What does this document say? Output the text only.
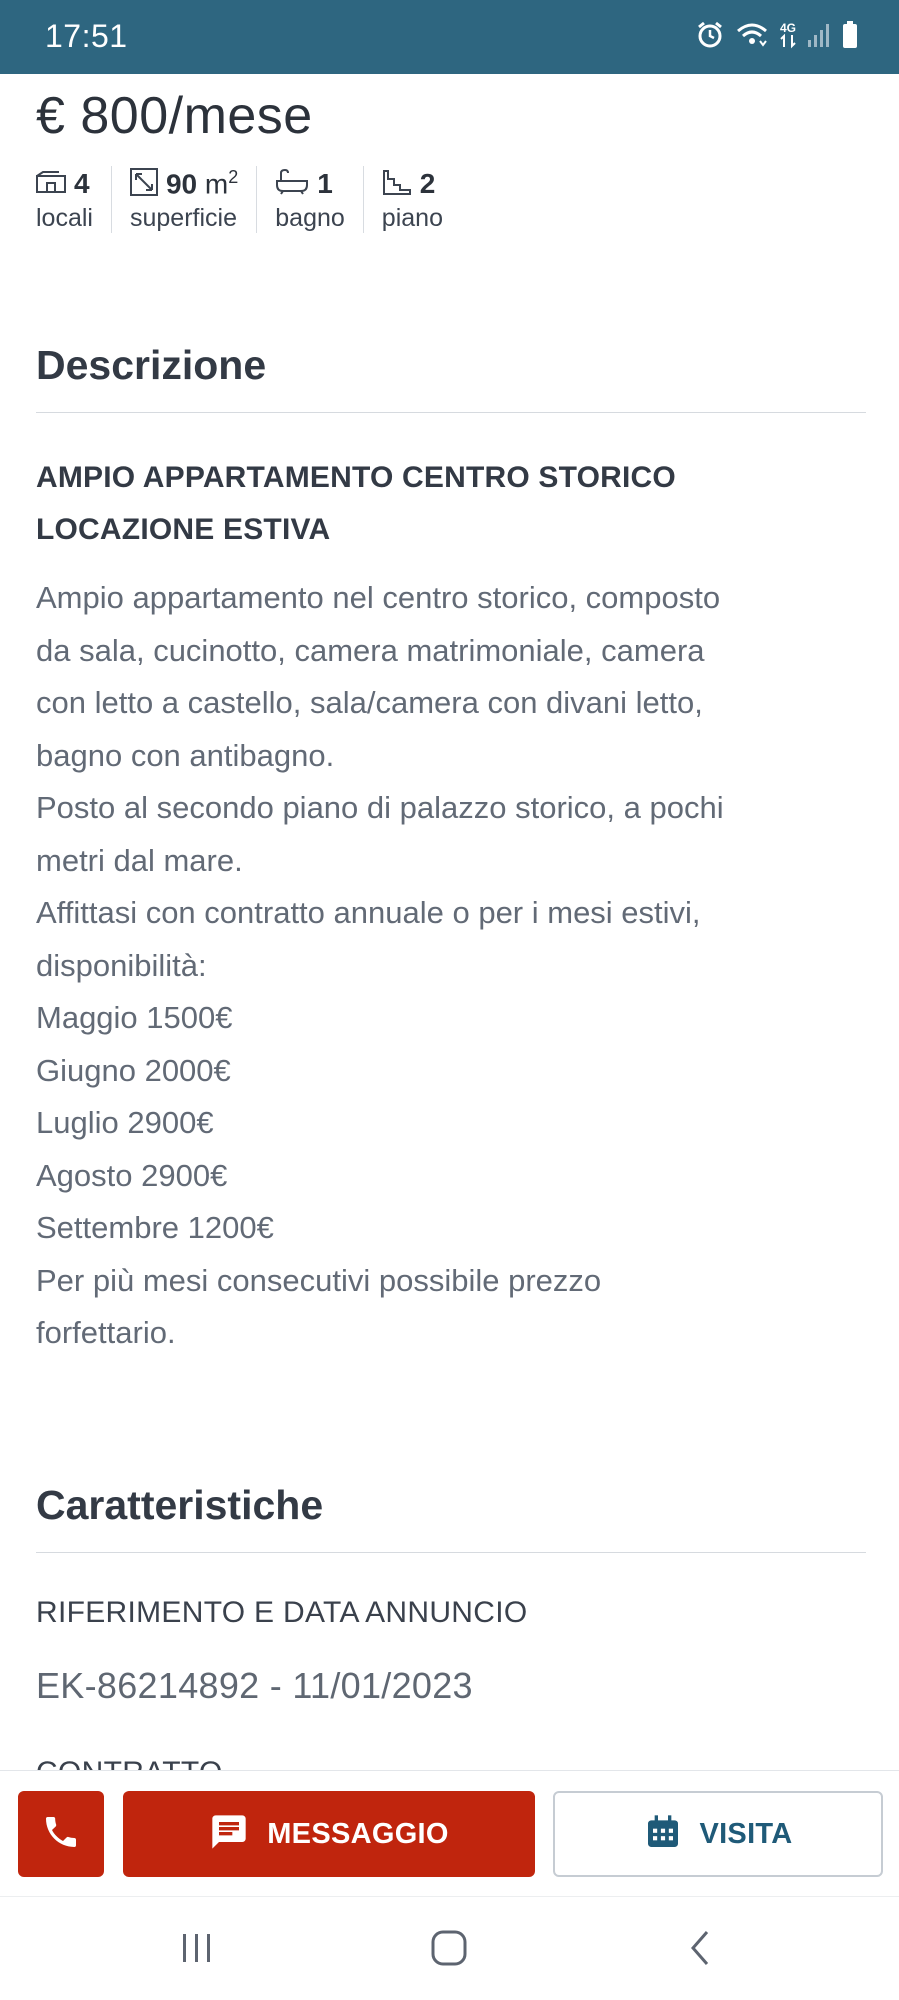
17:51	4G
€ 800/mese
4
locali
90 $m^2$
superficie
1
bagno
2
piano
Descrizione
AMPIO APPARTAMENTO CENTRO STORICO
LOCAZIONE ESTIVA
Ampio appartamento nel centro storico, composto
da sala, cucinotto, camera matrimoniale, camera
con letto a castello, sala/camera con divani letto,
bagno con antibagno.
Posto al secondo piano di palazzo storico, a pochi
metri dal mare.
Affittasi con contratto annuale o per i mesi estivi,
disponibilità:
Maggio 1500€
Giugno 2000€
Luglio 2900€
Agosto 2900€
Settembre 1200€
Per più mesi consecutivi possibile prezzo
forfettario.
Caratteristiche
RIFERIMENTO E DATA ANNUNCIO
EK-86214892 - 11/01/2023
MESSAGGIO	VISITA
